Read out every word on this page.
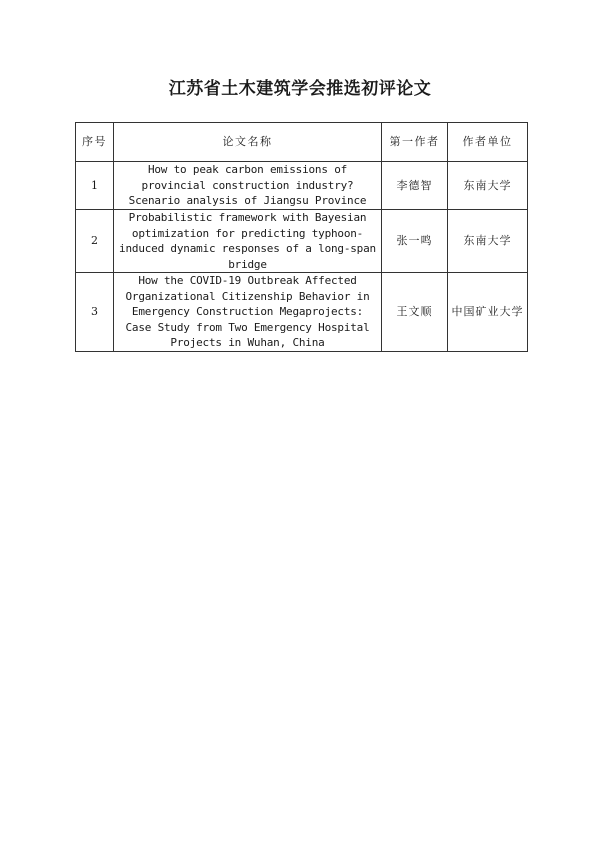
江苏省土木建筑学会推选初评论文
序号	论文名称	第一作者	作者单位
1	How to peak carbon emissions of provincial construction industry? Scenario analysis of Jiangsu Province	李德智	东南大学
2	Probabilistic framework with Bayesian optimization for predicting typhoon-induced dynamic responses of a long-span bridge	张一鸣	东南大学
3	How the COVID-19 Outbreak Affected Organizational Citizenship Behavior in Emergency Construction Megaprojects: Case Study from Two Emergency Hospital Projects in Wuhan, China	王文顺	中国矿业大学
